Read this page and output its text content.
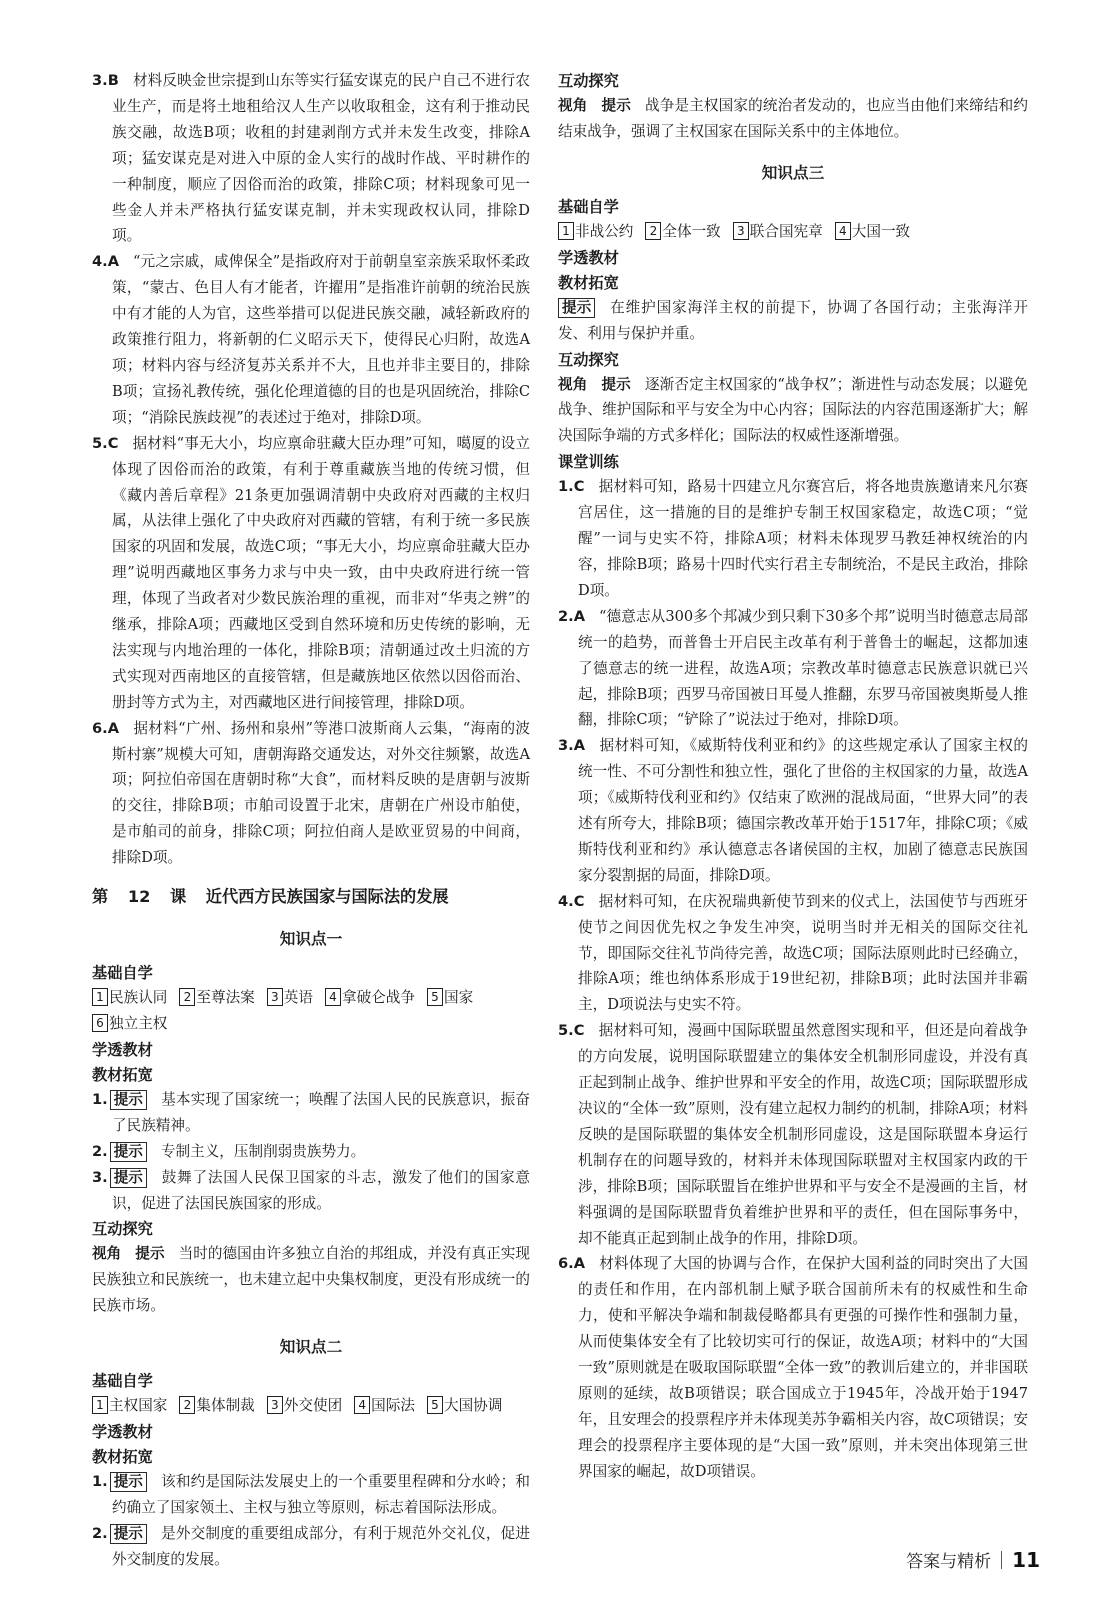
3.B 材料反映金世宗提到山东等实行猛安谋克的民户自己不进行农业生产，而是将土地租给汉人生产以收取租金，这有利于推动民族交融，故选B项；收租的封建剥削方式并未发生改变，排除A项；猛安谋克是对进入中原的金人实行的战时作战、平时耕作的一种制度，顺应了因俗而治的政策，排除C项；材料现象可见一些金人并未严格执行猛安谋克制，并未实现政权认同，排除D项。

4.A “元之宗戚，咸俾保全”是指政府对于前朝皇室亲族采取怀柔政策，“蒙古、色目人有才能者，许擢用”是指准许前朝的统治民族中有才能的人为官，这些举措可以促进民族交融，减轻新政府的政策推行阻力，将新朝的仁义昭示天下，使得民心归附，故选A项；材料内容与经济复苏关系并不大，且也并非主要目的，排除B项；宣扬礼教传统，强化伦理道德的目的也是巩固统治，排除C项；“消除民族歧视”的表述过于绝对，排除D项。

5.C 据材料“事无大小，均应禀命驻藏大臣办理”可知，噶厦的设立体现了因俗而治的政策，有利于尊重藏族当地的传统习惯，但《藏内善后章程》21条更加强调清朝中央政府对西藏的主权归属，从法律上强化了中央政府对西藏的管辖，有利于统一多民族国家的巩固和发展，故选C项；“事无大小，均应禀命驻藏大臣办理”说明西藏地区事务力求与中央一致，由中央政府进行统一管理，体现了当政者对少数民族治理的重视，而非对“华夷之辨”的继承，排除A项；西藏地区受到自然环境和历史传统的影响，无法实现与内地治理的一体化，排除B项；清朝通过改土归流的方式实现对西南地区的直接管辖，但是藏族地区依然以因俗而治、册封等方式为主，对西藏地区进行间接管理，排除D项。

6.A 据材料“广州、扬州和泉州”等港口波斯商人云集，“海南的波斯村寨”规模大可知，唐朝海路交通发达，对外交往频繁，故选A项；阿拉伯帝国在唐朝时称“大食”，而材料反映的是唐朝与波斯的交往，排除B项；市舶司设置于北宋，唐朝在广州设市舶使，是市舶司的前身，排除C项；阿拉伯商人是欧亚贸易的中间商，排除D项。

第 12 课 近代西方民族国家与国际法的发展
知识点一
基础自学
1 民族认同 2 至尊法案 3 英语 4 拿破仑战争 5 国家6 独立主权
学透教材
教材拓宽

1. 提示 基本实现了国家统一；唤醒了法国人民的民族意识，振奋了民族精神。

2. 提示 专制主义，压制削弱贵族势力。

3. 提示 鼓舞了法国人民保卫国家的斗志，激发了他们的国家意识，促进了法国民族国家的形成。

互动探究

视角 提示 当时的德国由许多独立自治的邦组成，并没有真正实现民族独立和民族统一，也未建立起中央集权制度，更没有形成统一的民族市场。

知识点二
基础自学
1 主权国家 2 集体制裁 3 外交使团 4 国际法 5 大国协调
学透教材
教材拓宽

1. 提示 该和约是国际法发展史上的一个重要里程碑和分水岭；和约确立了国家领土、主权与独立等原则，标志着国际法形成。

2. 提示 是外交制度的重要组成部分，有利于规范外交礼仪，促进外交制度的发展。

互动探究

视角 提示 战争是主权国家的统治者发动的，也应当由他们来缔结和约结束战争，强调了主权国家在国际关系中的主体地位。

知识点三
基础自学
1 非战公约 2 全体一致 3 联合国宪章 4 大国一致
学透教材
教材拓宽

提示 在维护国家海洋主权的前提下，协调了各国行动；主张海洋开发、利用与保护并重。

互动探究

视角 提示 逐渐否定主权国家的“战争权”；渐进性与动态发展；以避免战争、维护国际和平与安全为中心内容；国际法的内容范围逐渐扩大；解决国际争端的方式多样化；国际法的权威性逐渐增强。

课堂训练

1.C 据材料可知，路易十四建立凡尔赛宫后，将各地贵族邀请来凡尔赛宫居住，这一措施的目的是维护专制王权国家稳定，故选C项；“觉醒”一词与史实不符，排除A项；材料未体现罗马教廷神权统治的内容，排除B项；路易十四时代实行君主专制统治，不是民主政治，排除D项。

2.A “德意志从300多个邦减少到只剩下30多个邦”说明当时德意志局部统一的趋势，而普鲁士开启民主改革有利于普鲁士的崛起，这都加速了德意志的统一进程，故选A项；宗教改革时德意志民族意识就已兴起，排除B项；西罗马帝国被日耳曼人推翻，东罗马帝国被奥斯曼人推翻，排除C项；“铲除了”说法过于绝对，排除D项。

3.A 据材料可知，《威斯特伐利亚和约》的这些规定承认了国家主权的统一性、不可分割性和独立性，强化了世俗的主权国家的力量，故选A项；《威斯特伐利亚和约》仅结束了欧洲的混战局面，“世界大同”的表述有所夸大，排除B项；德国宗教改革开始于1517年，排除C项；《威斯特伐利亚和约》承认德意志各诸侯国的主权，加剧了德意志民族国家分裂割据的局面，排除D项。

4.C 据材料可知，在庆祝瑞典新使节到来的仪式上，法国使节与西班牙使节之间因优先权之争发生冲突，说明当时并无相关的国际交往礼节，即国际交往礼节尚待完善，故选C项；国际法原则此时已经确立，排除A项；维也纳体系形成于19世纪初，排除B项；此时法国并非霸主，D项说法与史实不符。

5.C 据材料可知，漫画中国际联盟虽然意图实现和平，但还是向着战争的方向发展，说明国际联盟建立的集体安全机制形同虚设，并没有真正起到制止战争、维护世界和平安全的作用，故选C项；国际联盟形成决议的“全体一致”原则，没有建立起权力制约的机制，排除A项；材料反映的是国际联盟的集体安全机制形同虚设，这是国际联盟本身运行机制存在的问题导致的，材料并未体现国际联盟对主权国家内政的干涉，排除B项；国际联盟旨在维护世界和平与安全不是漫画的主旨，材料强调的是国际联盟背负着维护世界和平的责任，但在国际事务中，却不能真正起到制止战争的作用，排除D项。

6.A 材料体现了大国的协调与合作，在保护大国利益的同时突出了大国的责任和作用，在内部机制上赋予联合国前所未有的权威性和生命力，使和平解决争端和制裁侵略都具有更强的可操作性和强制力量，从而使集体安全有了比较切实可行的保证，故选A项；材料中的“大国一致”原则就是在吸取国际联盟“全体一致”的教训后建立的，并非国联原则的延续，故B项错误；联合国成立于1945年，冷战开始于1947年，且安理会的投票程序并未体现美苏争霸相关内容，故C项错误；安理会的投票程序主要体现的是“大国一致”原则，并未突出体现第三世界国家的崛起，故D项错误。

答案与精析 11
